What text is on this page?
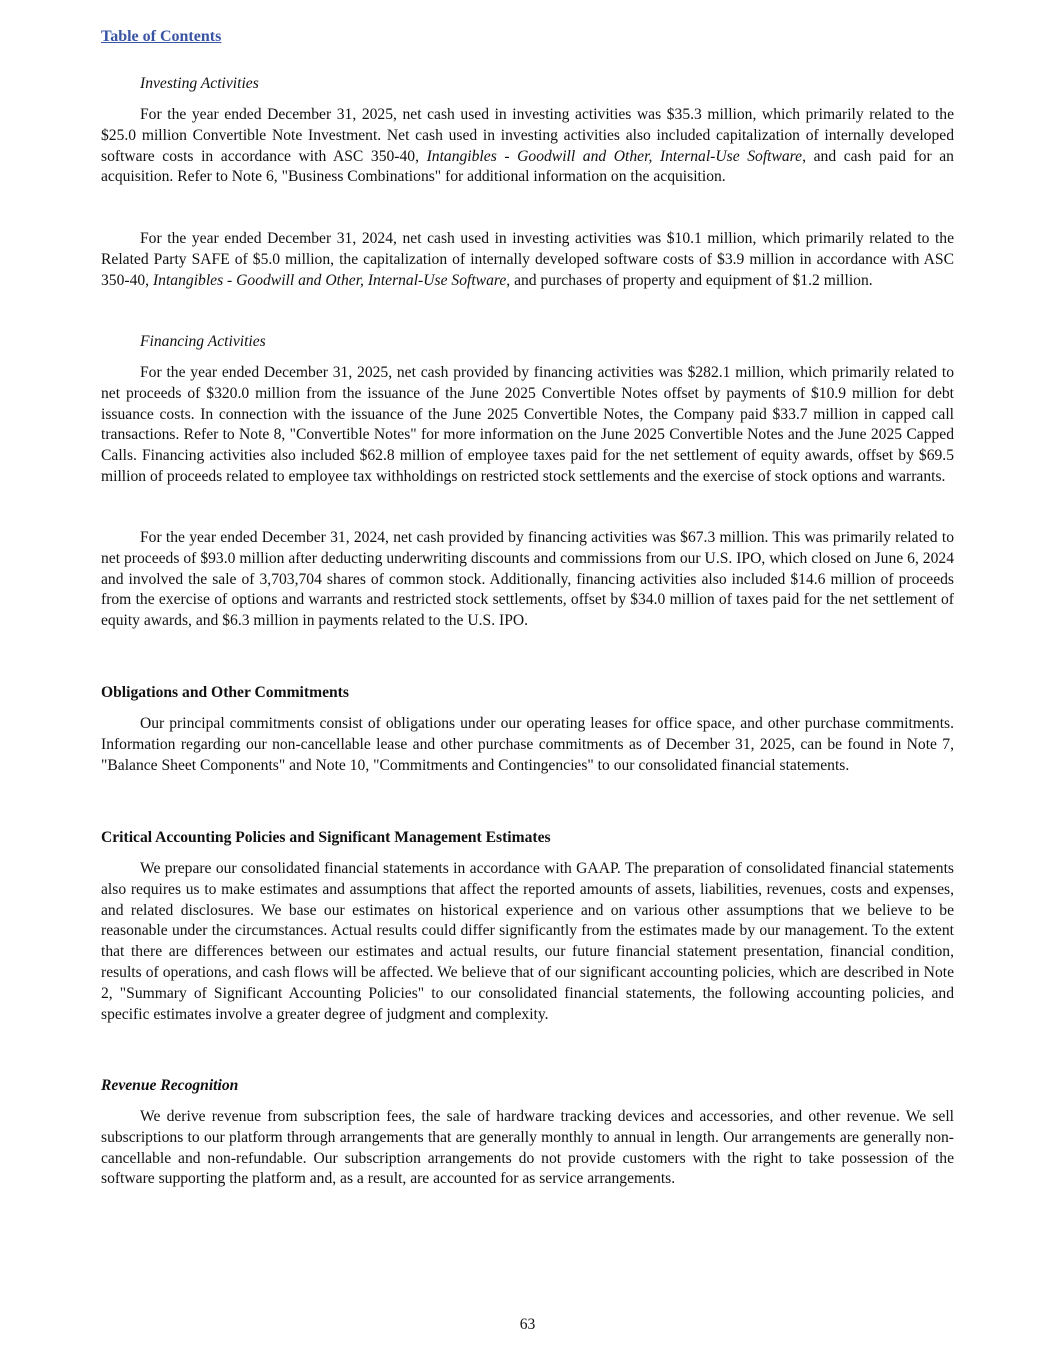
Table of Contents

Investing Activities

For the year ended December 31, 2025, net cash used in investing activities was $35.3 million, which primarily related to the $25.0 million Convertible Note Investment. Net cash used in investing activities also included capitalization of internally developed software costs in accordance with ASC 350-40, Intangibles - Goodwill and Other, Internal-Use Software, and cash paid for an acquisition. Refer to Note 6, "Business Combinations" for additional information on the acquisition.

For the year ended December 31, 2024, net cash used in investing activities was $10.1 million, which primarily related to the Related Party SAFE of $5.0 million, the capitalization of internally developed software costs of $3.9 million in accordance with ASC 350-40, Intangibles - Goodwill and Other, Internal-Use Software, and purchases of property and equipment of $1.2 million.

Financing Activities

For the year ended December 31, 2025, net cash provided by financing activities was $282.1 million, which primarily related to net proceeds of $320.0 million from the issuance of the June 2025 Convertible Notes offset by payments of $10.9 million for debt issuance costs. In connection with the issuance of the June 2025 Convertible Notes, the Company paid $33.7 million in capped call transactions. Refer to Note 8, "Convertible Notes" for more information on the June 2025 Convertible Notes and the June 2025 Capped Calls. Financing activities also included $62.8 million of employee taxes paid for the net settlement of equity awards, offset by $69.5 million of proceeds related to employee tax withholdings on restricted stock settlements and the exercise of stock options and warrants.

For the year ended December 31, 2024, net cash provided by financing activities was $67.3 million. This was primarily related to net proceeds of $93.0 million after deducting underwriting discounts and commissions from our U.S. IPO, which closed on June 6, 2024 and involved the sale of 3,703,704 shares of common stock. Additionally, financing activities also included $14.6 million of proceeds from the exercise of options and warrants and restricted stock settlements, offset by $34.0 million of taxes paid for the net settlement of equity awards, and $6.3 million in payments related to the U.S. IPO.

Obligations and Other Commitments

Our principal commitments consist of obligations under our operating leases for office space, and other purchase commitments. Information regarding our non-cancellable lease and other purchase commitments as of December 31, 2025, can be found in Note 7, "Balance Sheet Components" and Note 10, "Commitments and Contingencies" to our consolidated financial statements.

Critical Accounting Policies and Significant Management Estimates

We prepare our consolidated financial statements in accordance with GAAP. The preparation of consolidated financial statements also requires us to make estimates and assumptions that affect the reported amounts of assets, liabilities, revenues, costs and expenses, and related disclosures. We base our estimates on historical experience and on various other assumptions that we believe to be reasonable under the circumstances. Actual results could differ significantly from the estimates made by our management. To the extent that there are differences between our estimates and actual results, our future financial statement presentation, financial condition, results of operations, and cash flows will be affected. We believe that of our significant accounting policies, which are described in Note 2, "Summary of Significant Accounting Policies" to our consolidated financial statements, the following accounting policies, and specific estimates involve a greater degree of judgment and complexity.

Revenue Recognition

We derive revenue from subscription fees, the sale of hardware tracking devices and accessories, and other revenue. We sell subscriptions to our platform through arrangements that are generally monthly to annual in length. Our arrangements are generally non-cancellable and non-refundable. Our subscription arrangements do not provide customers with the right to take possession of the software supporting the platform and, as a result, are accounted for as service arrangements.

63
